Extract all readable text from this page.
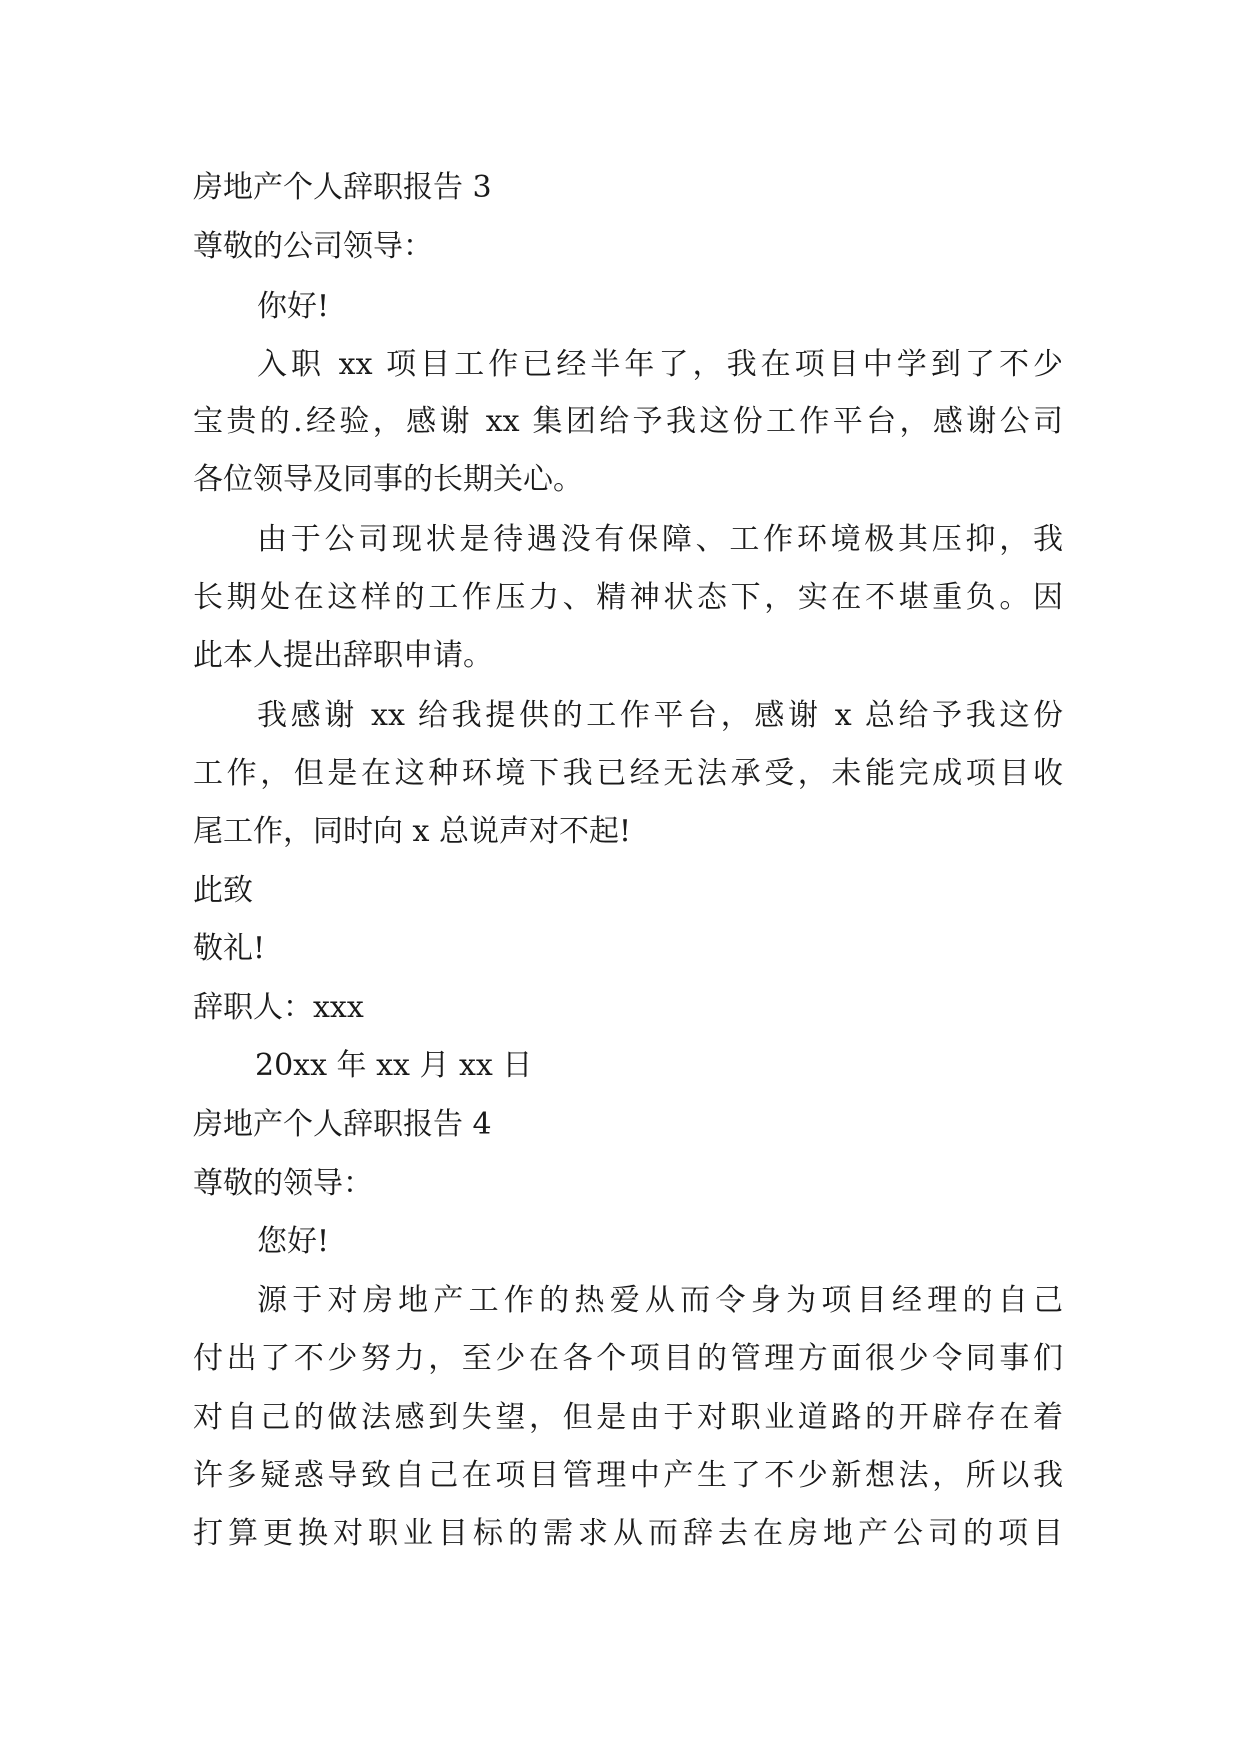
房地产个人辞职报告 3

尊敬的公司领导：

你好!

入职 xx 项目工作已经半年了，我在项目中学到了不少

宝贵的.经验，感谢 xx 集团给予我这份工作平台，感谢公司

各位领导及同事的长期关心。

由于公司现状是待遇没有保障、工作环境极其压抑，我

长期处在这样的工作压力、精神状态下，实在不堪重负。因

此本人提出辞职申请。

我感谢 xx 给我提供的工作平台，感谢 x 总给予我这份

工作，但是在这种环境下我已经无法承受，未能完成项目收

尾工作，同时向 x 总说声对不起!

此致

敬礼!

辞职人：xxx

20xx 年 xx 月 xx 日

房地产个人辞职报告 4

尊敬的领导：

您好!

源于对房地产工作的热爱从而令身为项目经理的自己

付出了不少努力，至少在各个项目的管理方面很少令同事们

对自己的做法感到失望，但是由于对职业道路的开辟存在着

许多疑惑导致自己在项目管理中产生了不少新想法，所以我

打算更换对职业目标的需求从而辞去在房地产公司的项目
